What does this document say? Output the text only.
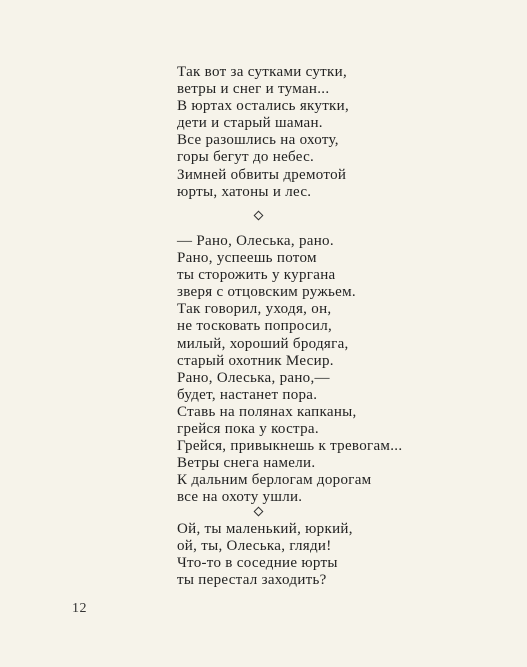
Так вот за сутками сутки,
ветры и снег и туман...
В юртах остались якутки,
дети и старый шаман.
Все разошлись на охоту,
горы бегут до небес.
Зимней обвиты дремотой
юрты, хатоны и лес.
— Рано, Олеська, рано.
Рано, успеешь потом
ты сторожить у кургана
зверя с отцовским ружьем.
Так говорил, уходя, он,
не тосковать попросил,
милый, хороший бродяга,
старый охотник Месир.
Рано, Олеська, рано,—
будет, настанет пора.
Ставь на полянах капканы,
грейся пока у костра.
Грейся, привыкнешь к тревогам...
Ветры снега намели.
К дальним берлогам дорогам
все на охоту ушли.
Ой, ты маленький, юркий,
ой, ты, Олеська, гляди!
Что-то в соседние юрты
ты перестал заходить?
12
